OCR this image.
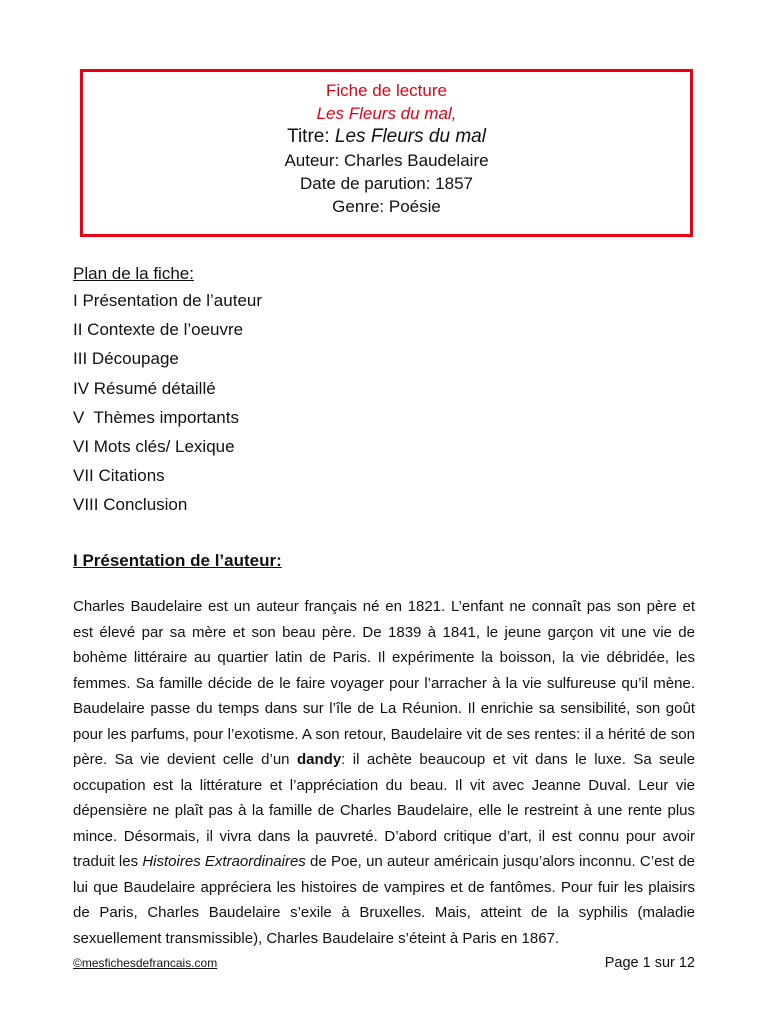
Fiche de lecture
Les Fleurs du mal,
Titre: Les Fleurs du mal
Auteur: Charles Baudelaire
Date de parution: 1857
Genre: Poésie
Plan de la fiche:
I Présentation de l’auteur
II Contexte de l’oeuvre
III Découpage
IV Résumé détaillé
V  Thèmes importants
VI Mots clés/ Lexique
VII Citations
VIII Conclusion
I Présentation de l’auteur:

Charles Baudelaire est un auteur français né en 1821. L’enfant ne connaît pas son père et est élevé par sa mère et son beau père. De 1839 à 1841, le jeune garçon vit une vie de bohème littéraire au quartier latin de Paris. Il expérimente la boisson, la vie débridée, les femmes. Sa famille décide de le faire voyager pour l’arracher à la vie sulfureuse qu’il mène. Baudelaire passe du temps dans sur l’île de La Réunion. Il enrichie sa sensibilité, son goût pour les parfums, pour l’exotisme. A son retour, Baudelaire vit de ses rentes: il a hérité de son père. Sa vie devient celle d’un dandy: il achète beaucoup et vit dans le luxe. Sa seule occupation est la littérature et l’appréciation du beau. Il vit avec Jeanne Duval. Leur vie dépensière ne plaît pas à la famille de Charles Baudelaire, elle le restreint à une rente plus mince. Désormais, il vivra dans la pauvreté. D’abord critique d’art, il est connu pour avoir traduit les Histoires Extraordinaires de Poe, un auteur américain jusqu’alors inconnu. C’est de lui que Baudelaire appréciera les histoires de vampires et de fantômes. Pour fuir les plaisirs de Paris, Charles Baudelaire s’exile à Bruxelles. Mais, atteint de la syphilis (maladie sexuellement transmissible), Charles Baudelaire s’éteint à Paris en 1867.

©mesfichesdefrancais.com	Page 1 sur 12
